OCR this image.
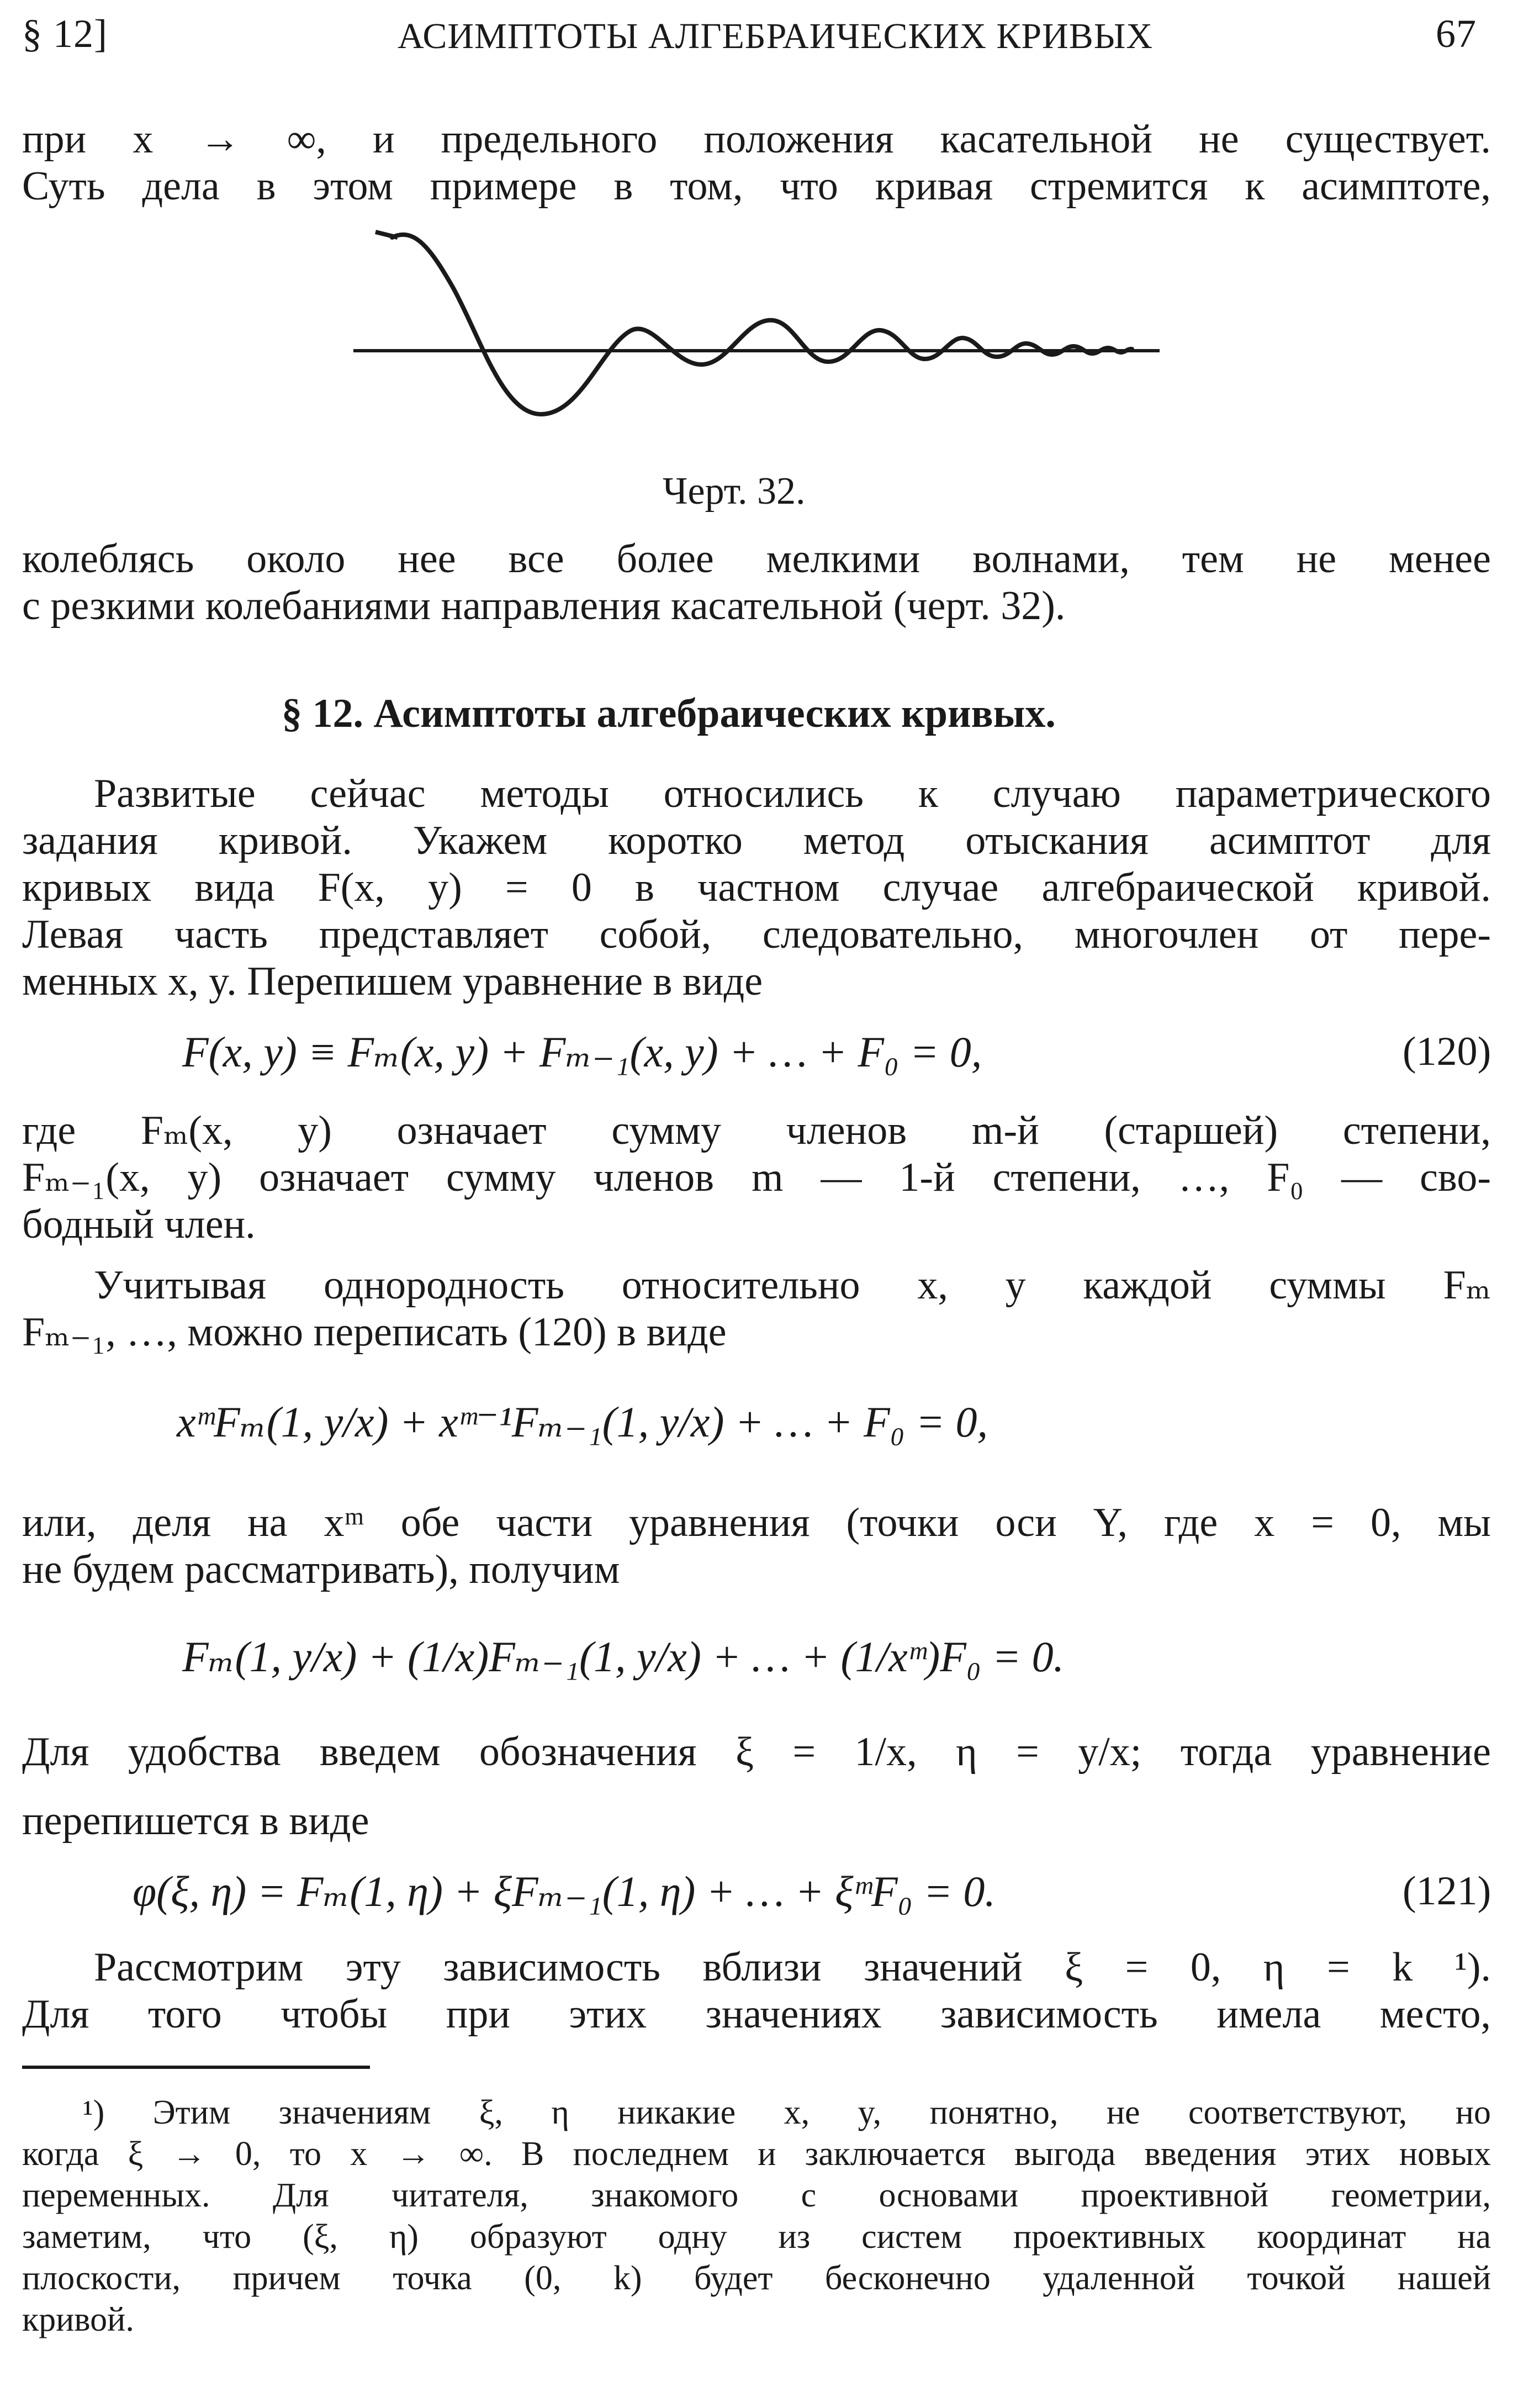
§ 12]	АСИМПТОТЫ АЛГЕБРАИЧЕСКИХ КРИВЫХ	67
при x → ∞, и предельного положения касательной не существует.
Суть дела в этом примере в том, что кривая стремится к асимптоте,
Черт. 32.
колеблясь около нее все более мелкими волнами, тем не менее
с резкими колебаниями направления касательной (черт. 32).
§ 12. Асимптоты алгебраических кривых.
Развитые сейчас методы относились к случаю параметрического
задания кривой. Укажем коротко метод отыскания асимптот для
кривых вида F(x, y) = 0 в частном случае алгебраической кривой.
Левая часть представляет собой, следовательно, многочлен от пере-
менных x, y. Перепишем уравнение в виде
F(x, y) ≡ Fₘ(x, y) + Fₘ₋₁(x, y) + … + F₀ = 0,	(120)
где Fₘ(x, y) означает сумму членов m-й (старшей) степени,
Fₘ₋₁(x, y) означает сумму членов m — 1-й степени, …, F₀ — сво-
бодный член.
Учитывая однородность относительно x, y каждой суммы Fₘ
Fₘ₋₁, …, можно переписать (120) в виде
xᵐFₘ(1, y/x) + xᵐ⁻¹Fₘ₋₁(1, y/x) + … + F₀ = 0,
или, деля на xᵐ обе части уравнения (точки оси Y, где x = 0, мы
не будем рассматривать), получим
Fₘ(1, y/x) + (1/x)Fₘ₋₁(1, y/x) + … + (1/xᵐ)F₀ = 0.
Для удобства введем обозначения ξ = 1/x, η = y/x; тогда уравнение
перепишется в виде
φ(ξ, η) = Fₘ(1, η) + ξFₘ₋₁(1, η) + … + ξᵐF₀ = 0.	(121)
Рассмотрим эту зависимость вблизи значений ξ = 0, η = k ¹).
Для того чтобы при этих значениях зависимость имела место,
¹) Этим значениям ξ, η никакие x, y, понятно, не соответствуют, но
когда ξ → 0, то x → ∞. В последнем и заключается выгода введения этих новых
переменных. Для читателя, знакомого с основами проективной геометрии,
заметим, что (ξ, η) образуют одну из систем проективных координат на
плоскости, причем точка (0, k) будет бесконечно удаленной точкой нашей
кривой.
